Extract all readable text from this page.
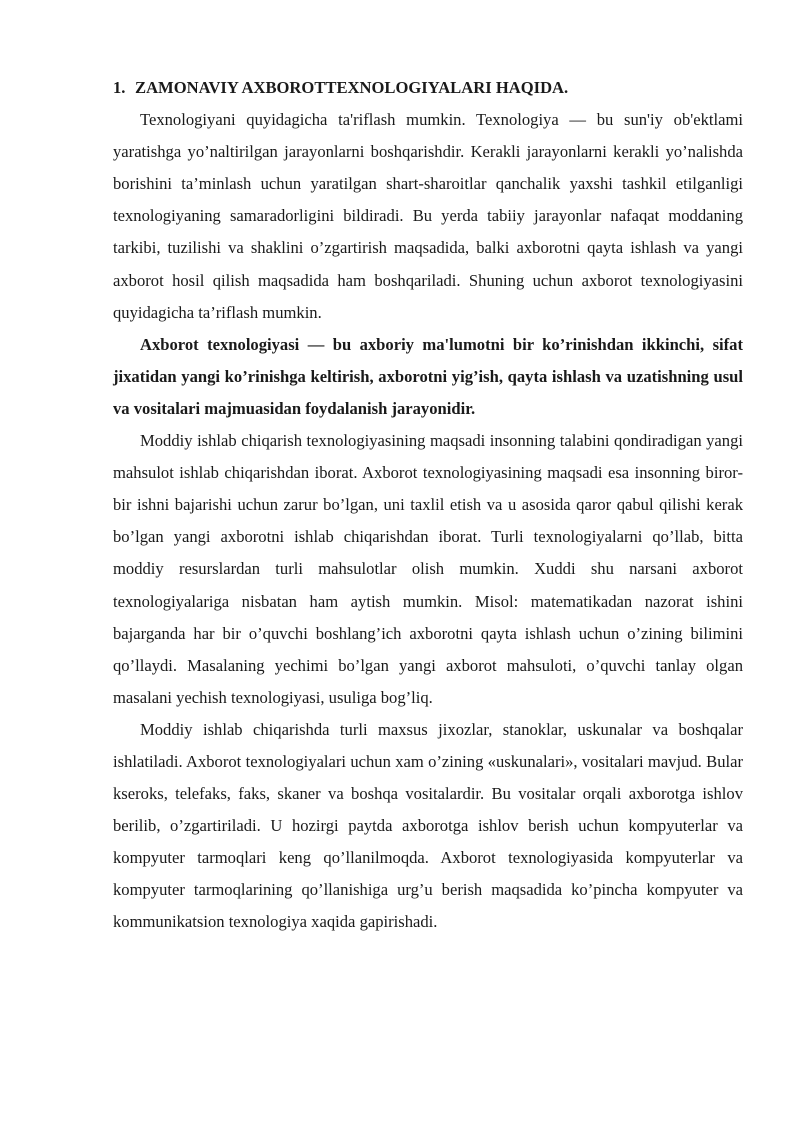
1. ZAMONAVIY AXBOROTTEXNOLOGIYALARI HAQIDA.

Texnologiyani quyidagicha ta'riflash mumkin. Texnologiya — bu sun'iy ob'ektlami yaratishga yo’naltirilgan jarayonlarni boshqarishdir. Kerakli jarayonlarni kerakli yo’nalishda borishini ta’minlash uchun yaratilgan shart-sharoitlar qanchalik yaxshi tashkil etilganligi texnologiyaning samaradorligini bildiradi. Bu yerda tabiiy jarayonlar nafaqat moddaning tarkibi, tuzilishi va shaklini o’zgartirish maqsadida, balki axborotni qayta ishlash va yangi axborot hosil qilish maqsadida ham boshqariladi. Shuning uchun axborot texnologiyasini quyidagicha ta’riflash mumkin.

Axborot texnologiyasi — bu axboriy ma'lumotni bir ko’rinishdan ikkinchi, sifat jixatidan yangi ko’rinishga keltirish, axborotni yig’ish, qayta ishlash va uzatishning usul va vositalari majmuasidan foydalanish jarayonidir.

Moddiy ishlab chiqarish texnologiyasining maqsadi insonning talabini qondiradigan yangi mahsulot ishlab chiqarishdan iborat. Axborot texnologiyasining maqsadi esa insonning biror-bir ishni bajarishi uchun zarur bo’lgan, uni taxlil etish va u asosida qaror qabul qilishi kerak bo’lgan yangi axborotni ishlab chiqarishdan iborat. Turli texnologiyalarni qo’llab, bitta moddiy resurslardan turli mahsulotlar olish mumkin. Xuddi shu narsani axborot texnologiyalariga nisbatan ham aytish mumkin. Misol: matematikadan nazorat ishini bajarganda har bir o’quvchi boshlang’ich axborotni qayta ishlash uchun o’zining bilimini qo’llaydi. Masalaning yechimi bo’lgan yangi axborot mahsuloti, o’quvchi tanlay olgan masalani yechish texnologiyasi, usuliga bog’liq.

Moddiy ishlab chiqarishda turli maxsus jixozlar, stanoklar, uskunalar va boshqalar ishlatiladi. Axborot texnologiyalari uchun xam o’zining «uskunalari», vositalari mavjud. Bular kseroks, telefaks, faks, skaner va boshqa vositalardir. Bu vositalar orqali axborotga ishlov berilib, o’zgartiriladi. U hozirgi paytda axborotga ishlov berish uchun kompyuterlar va kompyuter tarmoqlari keng qo’llanilmoqda. Axborot texnologiyasida kompyuterlar va kompyuter tarmoqlarining qo’llanishiga urg’u berish maqsadida ko’pincha kompyuter va kommunikatsion texnologiya xaqida gapirishadi.
